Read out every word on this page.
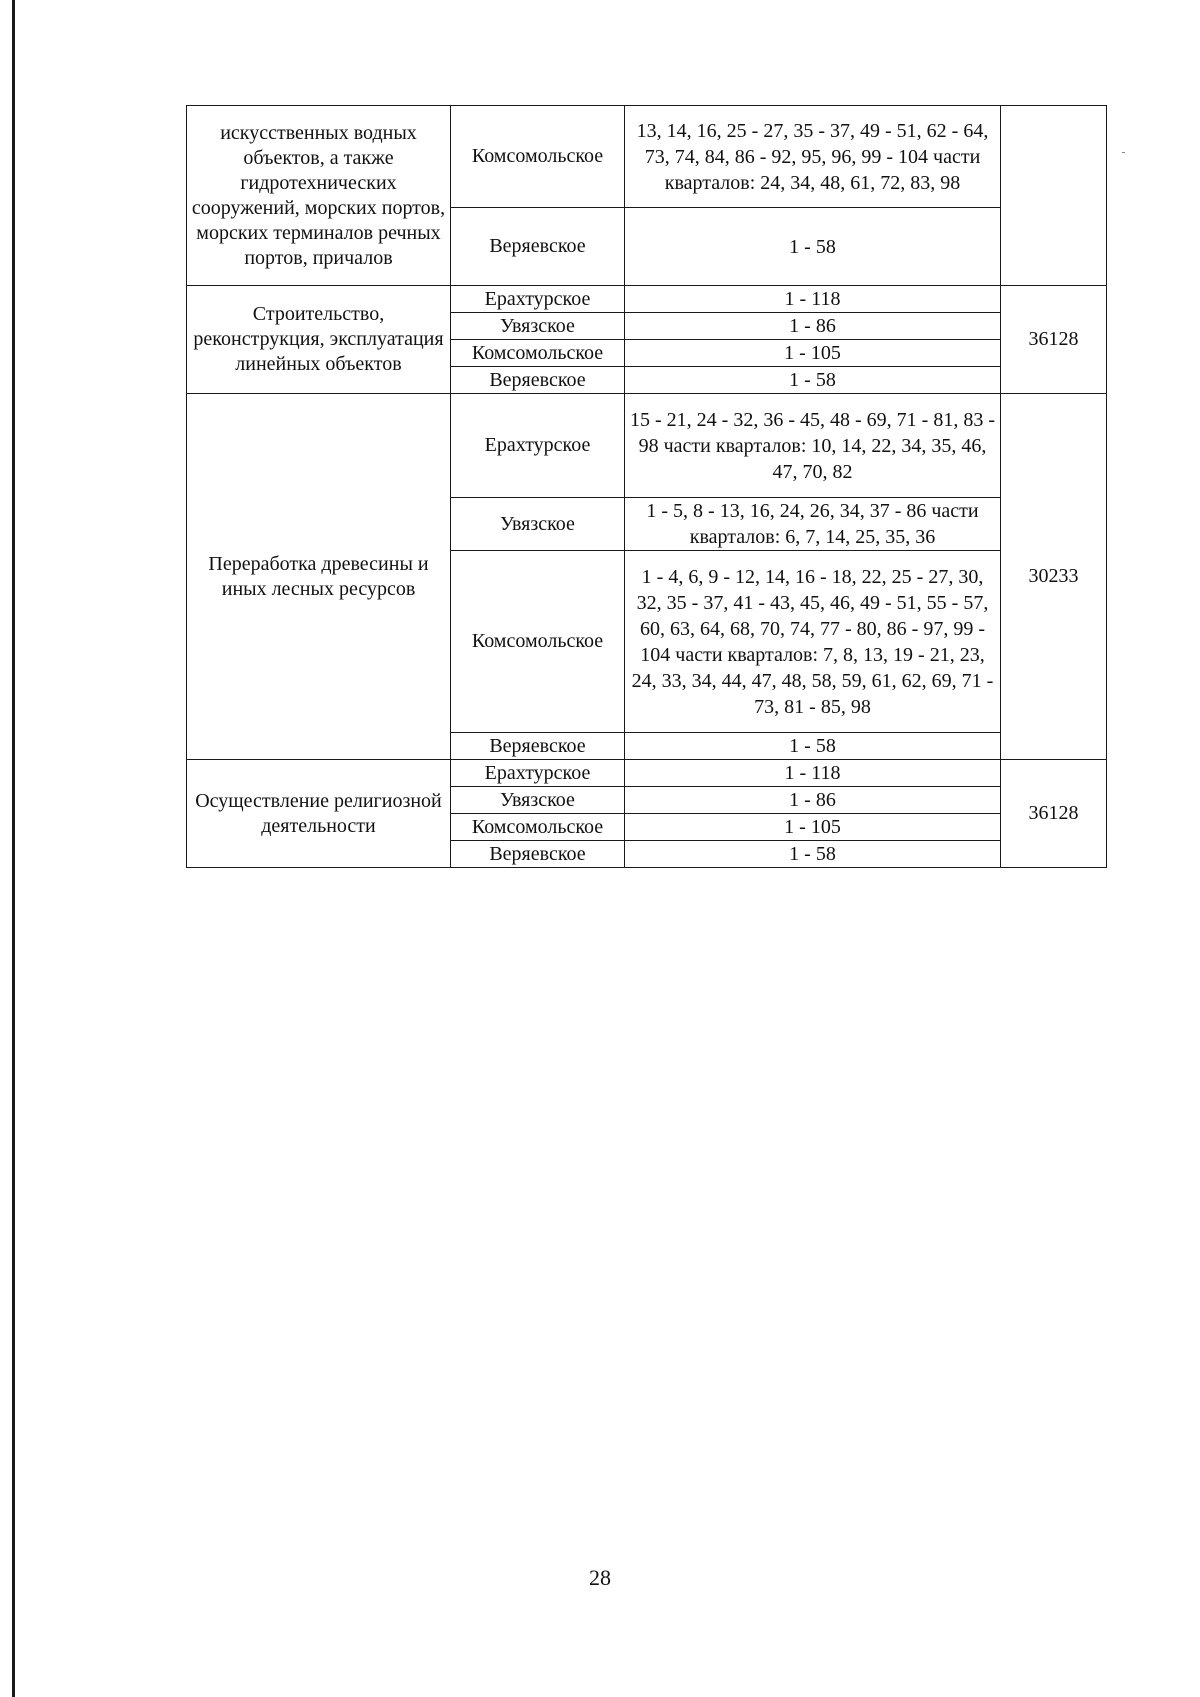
искусственных водных объектов, а также гидротехнических сооружений, морских портов, морских терминалов речных портов, причалов	Комсомольское	13, 14, 16, 25 - 27, 35 - 37, 49 - 51, 62 - 64, 73, 74, 84, 86 - 92, 95, 96, 99 - 104 части кварталов: 24, 34, 48, 61, 72, 83, 98	
	Веряевское	1 - 58	
Строительство, реконструкция, эксплуатация линейных объектов	Ерахтурское	1 - 118	36128
	Увязское	1 - 86	
	Комсомольское	1 - 105	
	Веряевское	1 - 58	
Переработка древесины и иных лесных ресурсов	Ерахтурское	15 - 21, 24 - 32, 36 - 45, 48 - 69, 71 - 81, 83 - 98 части кварталов: 10, 14, 22, 34, 35, 46, 47, 70, 82	30233
	Увязское	1 - 5, 8 - 13, 16, 24, 26, 34, 37 - 86 части кварталов: 6, 7, 14, 25, 35, 36	
	Комсомольское	1 - 4, 6, 9 - 12, 14, 16 - 18, 22, 25 - 27, 30, 32, 35 - 37, 41 - 43, 45, 46, 49 - 51, 55 - 57, 60, 63, 64, 68, 70, 74, 77 - 80, 86 - 97, 99 - 104 части кварталов: 7, 8, 13, 19 - 21, 23, 24, 33, 34, 44, 47, 48, 58, 59, 61, 62, 69, 71 - 73, 81 - 85, 98	
	Веряевское	1 - 58	
Осуществление религиозной деятельности	Ерахтурское	1 - 118	36128
	Увязское	1 - 86	
	Комсомольское	1 - 105	
	Веряевское	1 - 58	
28
